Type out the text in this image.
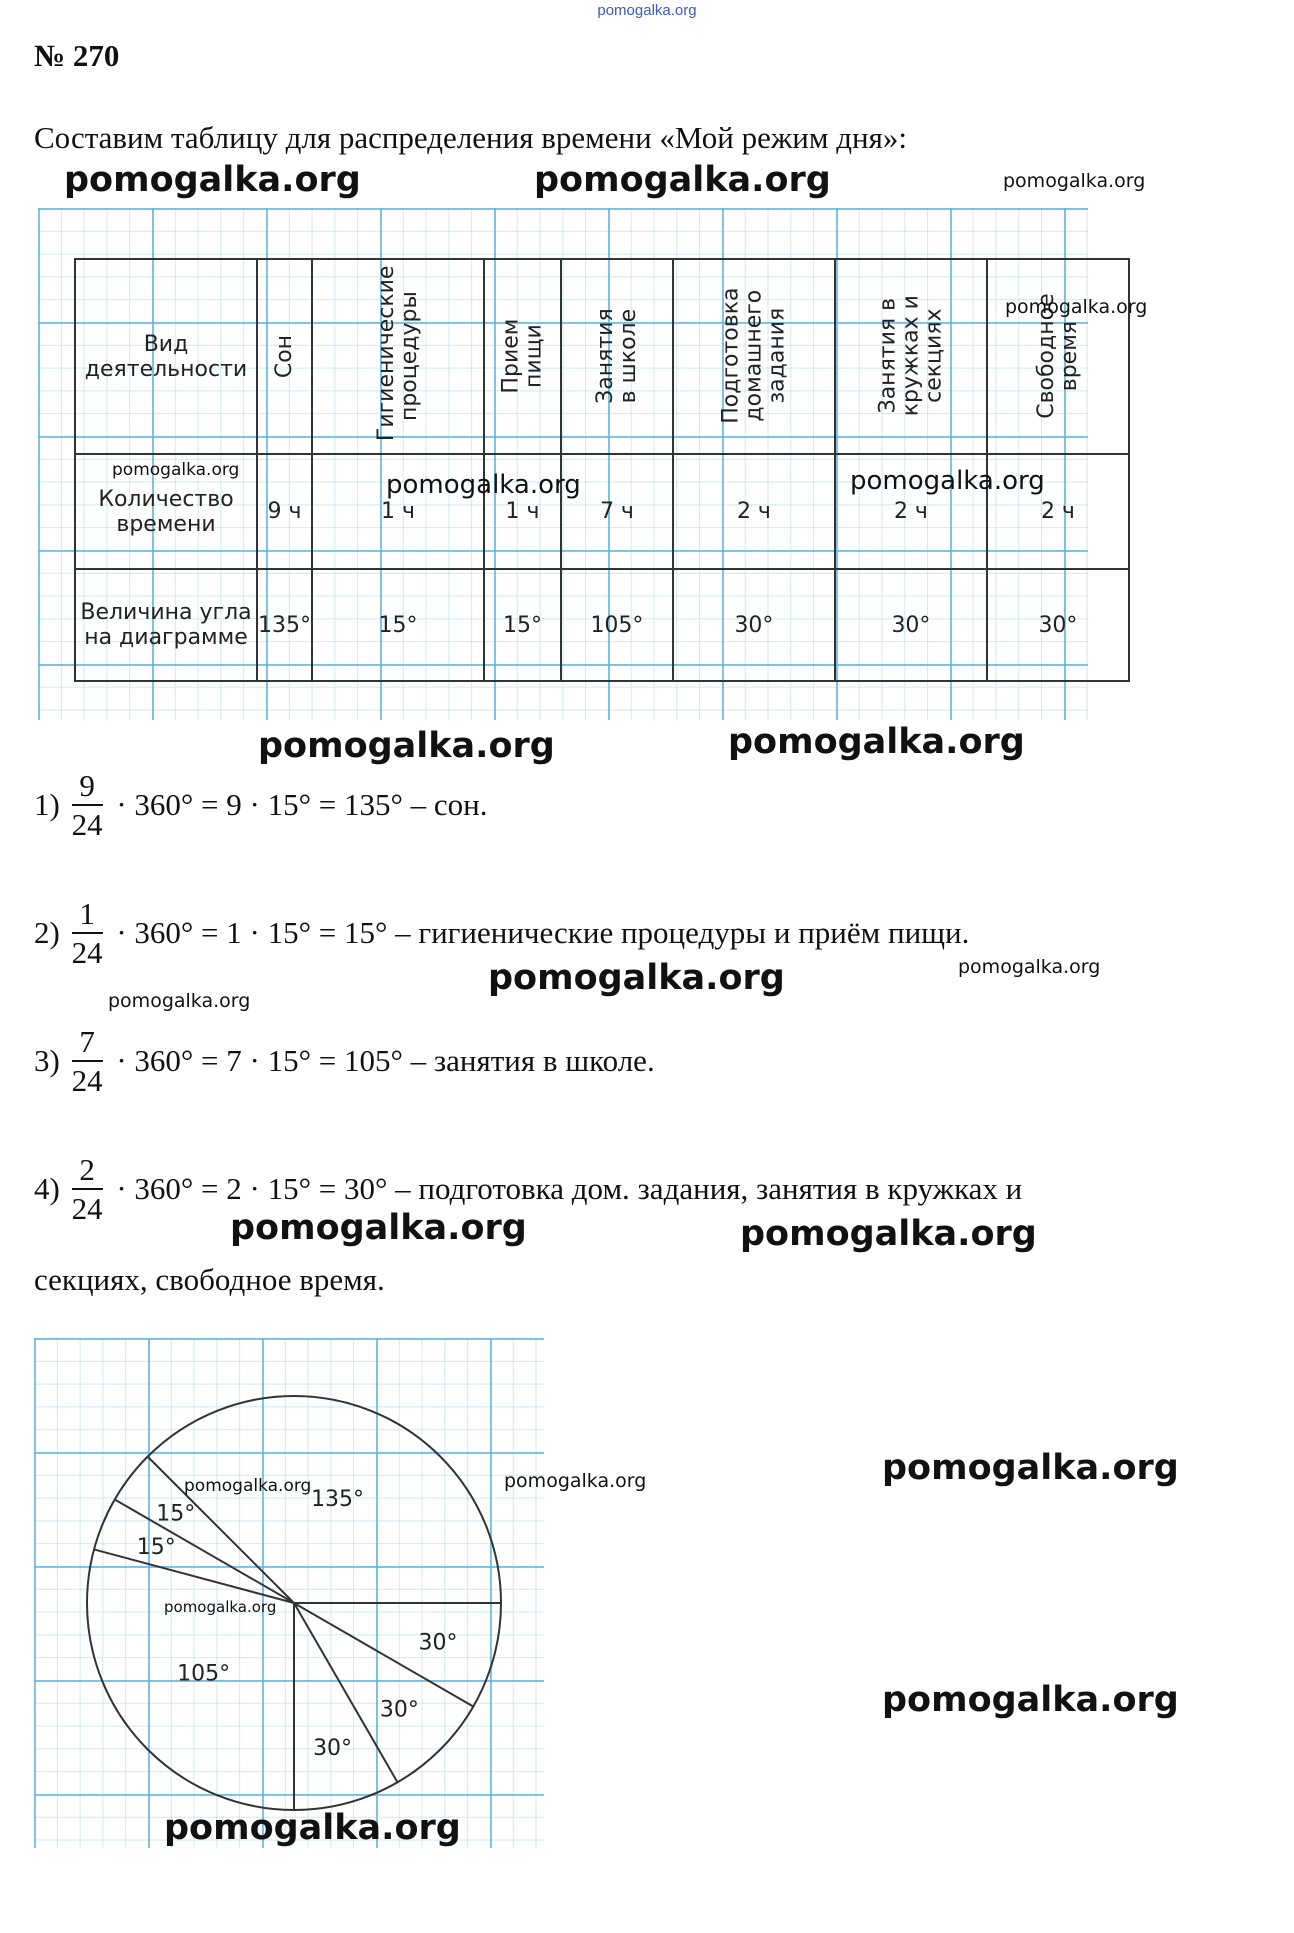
pomogalka.org
№ 270
Составим таблицу для распределения времени «Мой режим дня»:
Вид деятельности	Сон	Гигиенические процедуры	Прием пищи	Занятия в школе	Подготовка домашнего задания	Занятия в кружках и секциях	Свободное время
Количество времени	9 ч	1 ч	1 ч	7 ч	2 ч	2 ч	2 ч
Величина угла на диаграмме	135°	15°	15°	105°	30°	30°	30°
$1) \frac{9}{24} \cdot 360^\circ = 9 \cdot 15^\circ = 135^\circ$ – сон.
$2) \frac{1}{24} \cdot 360^\circ = 1 \cdot 15^\circ = 15^\circ$ – гигиенические процедуры и приём пищи.
$3) \frac{7}{24} \cdot 360^\circ = 7 \cdot 15^\circ = 105^\circ$ – занятия в школе.
$4) \frac{2}{24} \cdot 360^\circ = 2 \cdot 15^\circ = 30^\circ$ – подготовка дом. задания, занятия в кружках и
секциях, свободное время.
30°
30°
30°
105°
15°
15°
135°
pomogalka.org	pomogalka.org	pomogalka.org
pomogalka.org
pomogalka.org	pomogalka.org	pomogalka.org
pomogalka.org	pomogalka.org
pomogalka.org	pomogalka.org
pomogalka.org
pomogalka.org	pomogalka.org
pomogalka.org	pomogalka.org	pomogalka.org
pomogalka.org
pomogalka.org
pomogalka.org
